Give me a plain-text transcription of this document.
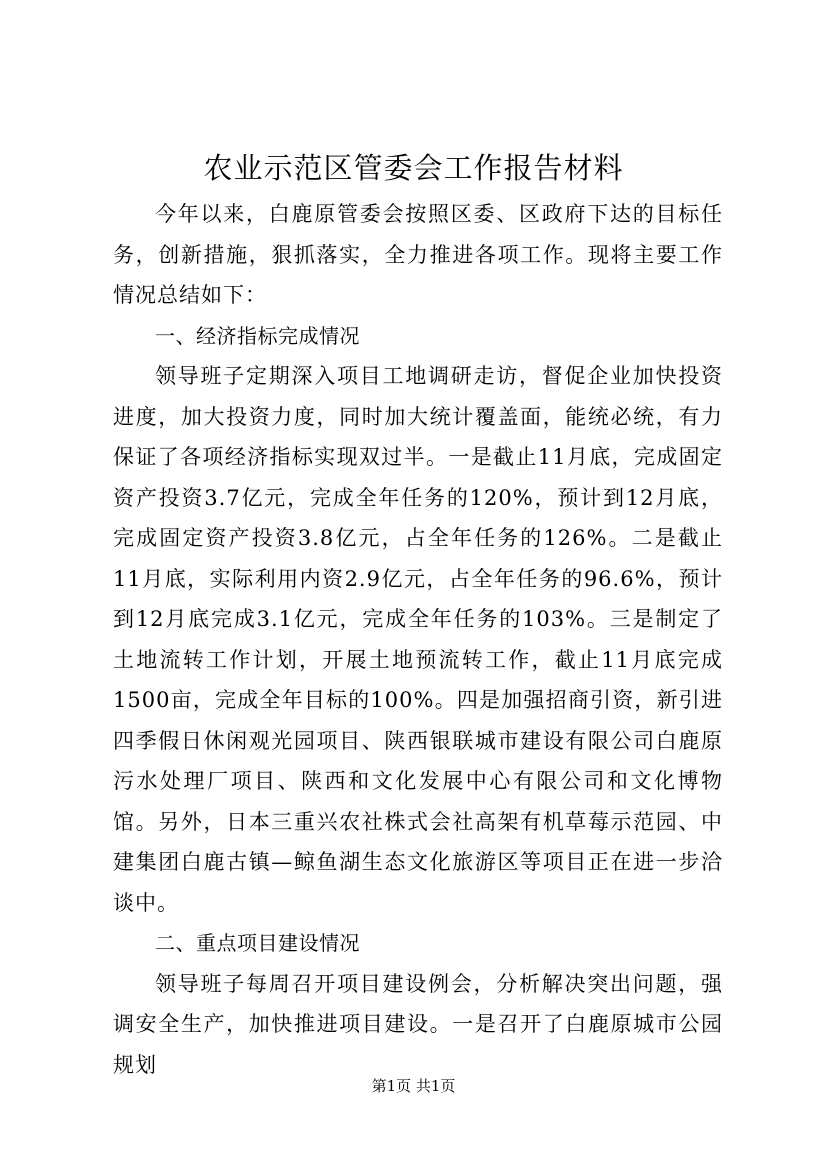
农业示范区管委会工作报告材料

今年以来，白鹿原管委会按照区委、区政府下达的目标任务，创新措施，狠抓落实，全力推进各项工作。现将主要工作情况总结如下：

一、经济指标完成情况

领导班子定期深入项目工地调研走访，督促企业加快投资进度，加大投资力度，同时加大统计覆盖面，能统必统，有力保证了各项经济指标实现双过半。一是截止11月底，完成固定资产投资3.7亿元，完成全年任务的120%，预计到12月底，完成固定资产投资3.8亿元，占全年任务的126%。二是截止11月底，实际利用内资2.9亿元，占全年任务的96.6%，预计到12月底完成3.1亿元，完成全年任务的103%。三是制定了土地流转工作计划，开展土地预流转工作，截止11月底完成1500亩，完成全年目标的100%。四是加强招商引资，新引进四季假日休闲观光园项目、陕西银联城市建设有限公司白鹿原污水处理厂项目、陕西和文化发展中心有限公司和文化博物馆。另外，日本三重兴农社株式会社高架有机草莓示范园、中建集团白鹿古镇—鲸鱼湖生态文化旅游区等项目正在进一步洽谈中。

二、重点项目建设情况

领导班子每周召开项目建设例会，分析解决突出问题，强调安全生产，加快推进项目建设。一是召开了白鹿原城市公园规划

第1页 共1页
